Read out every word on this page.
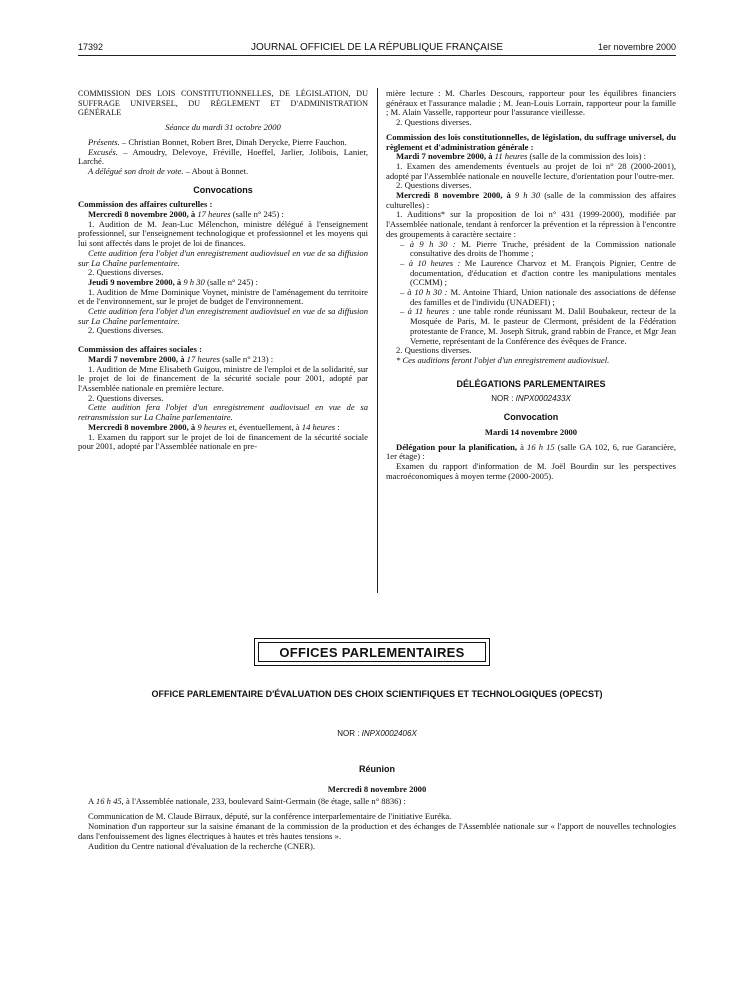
17392	JOURNAL OFFICIEL DE LA RÉPUBLIQUE FRANÇAISE	1er novembre 2000

COMMISSION DES LOIS CONSTITUTIONNELLES, DE LÉGISLATION, DU SUFFRAGE UNIVERSEL, DU RÈGLEMENT ET D'ADMINISTRATION GÉNÉRALE

Séance du mardi 31 octobre 2000

Présents. – Christian Bonnet, Robert Bret, Dinah Derycke, Pierre Fauchon.

Excusés. – Amoudry, Delevoye, Fréville, Hoeffel, Jarlier, Jolibois, Lanier, Larché.

A délégué son droit de vote. – About à Bonnet.

Convocations

Commission des affaires culturelles :

Mercredi 8 novembre 2000, à 17 heures (salle n° 245) :

1. Audition de M. Jean-Luc Mélenchon, ministre délégué à l'enseignement professionnel, sur l'enseignement technologique et professionnel et les moyens qui lui sont affectés dans le projet de loi de finances.

Cette audition fera l'objet d'un enregistrement audiovisuel en vue de sa diffusion sur La Chaîne parlementaire.

2. Questions diverses.

Jeudi 9 novembre 2000, à 9 h 30 (salle n° 245) :

1. Audition de Mme Dominique Voynet, ministre de l'aménagement du territoire et de l'environnement, sur le projet de budget de l'environnement.

Cette audition fera l'objet d'un enregistrement audiovisuel en vue de sa diffusion sur La Chaîne parlementaire.

2. Questions diverses.

Commission des affaires sociales :

Mardi 7 novembre 2000, à 17 heures (salle n° 213) :

1. Audition de Mme Elisabeth Guigou, ministre de l'emploi et de la solidarité, sur le projet de loi de financement de la sécurité sociale pour 2001, adopté par l'Assemblée nationale en première lecture.

2. Questions diverses.

Cette audition fera l'objet d'un enregistrement audiovisuel en vue de sa retransmission sur La Chaîne parlementaire.

Mercredi 8 novembre 2000, à 9 heures et, éventuellement, à 14 heures :

1. Examen du rapport sur le projet de loi de financement de la sécurité sociale pour 2001, adopté par l'Assemblée nationale en pre-

mière lecture : M. Charles Descours, rapporteur pour les équilibres financiers généraux et l'assurance maladie ; M. Jean-Louis Lorrain, rapporteur pour la famille ; M. Alain Vasselle, rapporteur pour l'assurance vieillesse.

2. Questions diverses.

Commission des lois constitutionnelles, de législation, du suffrage universel, du règlement et d'administration générale :

Mardi 7 novembre 2000, à 11 heures (salle de la commission des lois) :

1. Examen des amendements éventuels au projet de loi n° 28 (2000-2001), adopté par l'Assemblée nationale en nouvelle lecture, d'orientation pour l'outre-mer.

2. Questions diverses.

Mercredi 8 novembre 2000, à 9 h 30 (salle de la commission des affaires culturelles) :

1. Auditions* sur la proposition de loi n° 431 (1999-2000), modifiée par l'Assemblée nationale, tendant à renforcer la prévention et la répression à l'encontre des groupements à caractère sectaire :

– à 9 h 30 : M. Pierre Truche, président de la Commission nationale consultative des droits de l'homme ;

– à 10 heures : Me Laurence Charvoz et M. François Pignier, Centre de documentation, d'éducation et d'action contre les manipulations mentales (CCMM) ;

– à 10 h 30 : M. Antoine Thiard, Union nationale des associations de défense des familles et de l'individu (UNADEFI) ;

– à 11 heures : une table ronde réunissant M. Dalil Boubakeur, recteur de la Mosquée de Paris, M. le pasteur de Clermont, président de la Fédération protestante de France, M. Joseph Sitruk, grand rabbin de France, et Mgr Jean Vernette, représentant de la Conférence des évêques de France.

2. Questions diverses.

* Ces auditions feront l'objet d'un enregistrement audiovisuel.

DÉLÉGATIONS PARLEMENTAIRES

NOR : INPX0002433X

Convocation

Mardi 14 novembre 2000

Délégation pour la planification, à 16 h 15 (salle GA 102, 6, rue Garancière, 1er étage) :

Examen du rapport d'information de M. Joël Bourdin sur les perspectives macroéconomiques à moyen terme (2000-2005).

OFFICES PARLEMENTAIRES
OFFICE PARLEMENTAIRE D'ÉVALUATION DES CHOIX SCIENTIFIQUES ET TECHNOLOGIQUES (OPECST)
NOR : INPX0002406X
Réunion

Mercredi 8 novembre 2000

A 16 h 45, à l'Assemblée nationale, 233, boulevard Saint-Germain (8e étage, salle n° 8836) :

Communication de M. Claude Birraux, député, sur la conférence interparlementaire de l'initiative Euréka.

Nomination d'un rapporteur sur la saisine émanant de la commission de la production et des échanges de l'Assemblée nationale sur « l'apport de nouvelles technologies dans l'enfouissement des lignes électriques à hautes et très hautes tensions ».

Audition du Centre national d'évaluation de la recherche (CNER).
